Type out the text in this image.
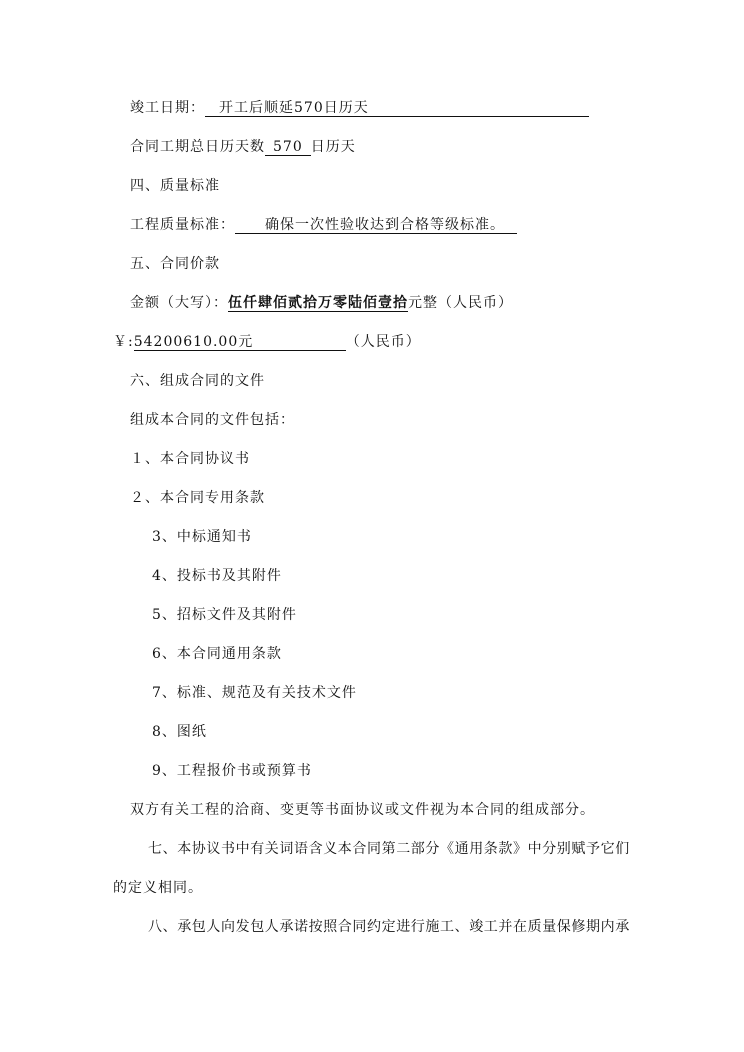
竣工日期： 开工后顺延570日历天
合同工期总日历天数 570 日历天
四、质量标准
工程质量标准： 确保一次性验收达到合格等级标准。
五、合同价款
金额（大写）：伍仟肆佰贰拾万零陆佰壹拾元整（人民币）
￥:54200610.00元	（人民币）
六、组成合同的文件
组成本合同的文件包括：
１、本合同协议书
２、本合同专用条款
3、中标通知书
4、投标书及其附件
5、招标文件及其附件
6、本合同通用条款
7、标准、规范及有关技术文件
8、图纸
9、工程报价书或预算书
双方有关工程的洽商、变更等书面协议或文件视为本合同的组成部分。
七、本协议书中有关词语含义本合同第二部分《通用条款》中分别赋予它们
的定义相同。
八、承包人向发包人承诺按照合同约定进行施工、竣工并在质量保修期内承
